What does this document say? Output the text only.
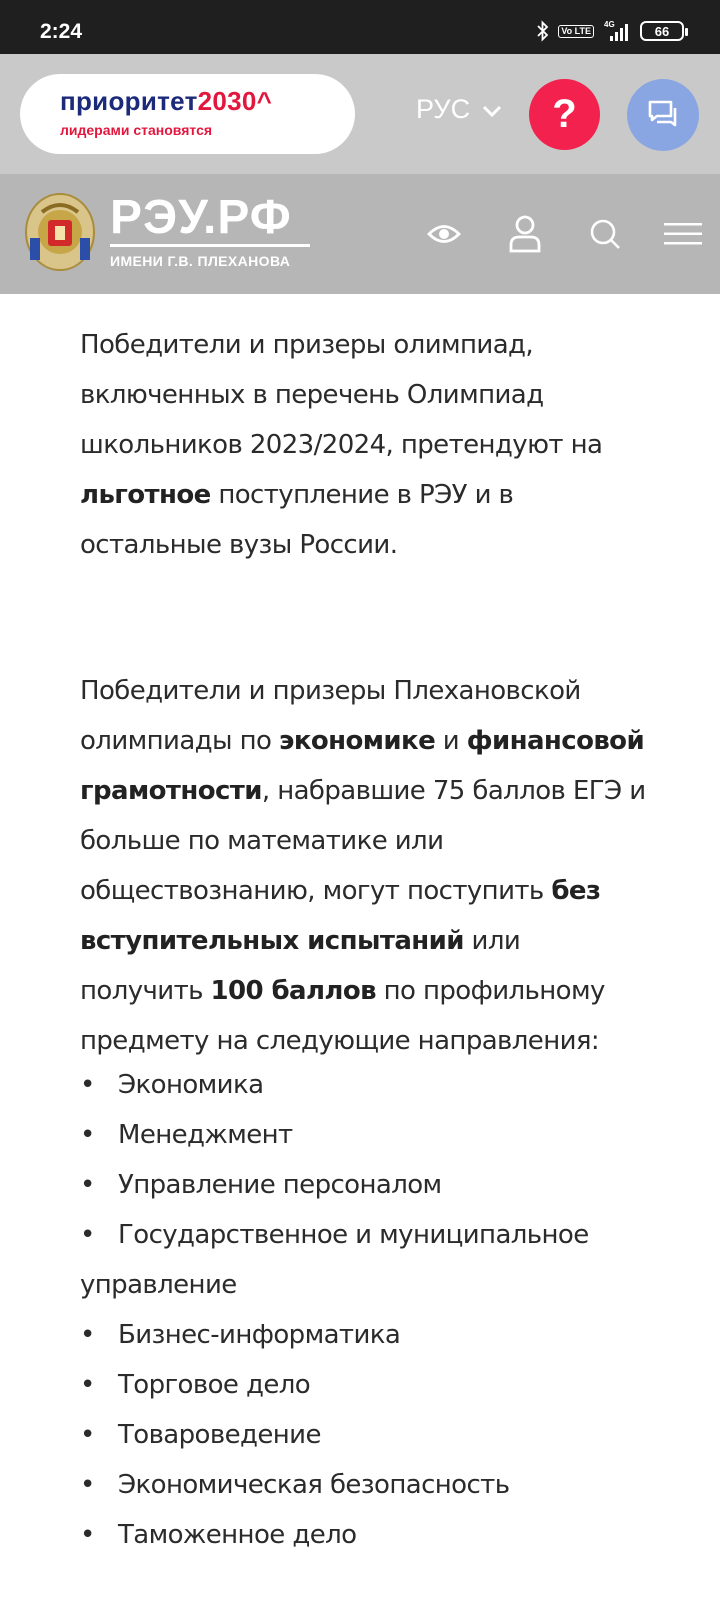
2:24	Vo LTE
4G	66
приоритет2030^
лидерами становятся
РУС	?
РЭУ.РФ
ИМЕНИ Г.В. ПЛЕХАНОВА

Победители и призеры олимпиад, включенных в перечень Олимпиад школьников 2023/2024, претендуют на льготное поступление в РЭУ и в остальные вузы России.

Победители и призеры Плехановской олимпиады по экономике и финансовой грамотности, набравшие 75 баллов ЕГЭ и больше по математике или обществознанию, могут поступить без вступительных испытаний или получить 100 баллов по профильному предмету на следующие направления:

• Экономика
• Менеджмент
• Управление персоналом
• Государственное и муниципальное управление
• Бизнес-информатика
• Торговое дело
• Товароведение
• Экономическая безопасность
• Таможенное дело
